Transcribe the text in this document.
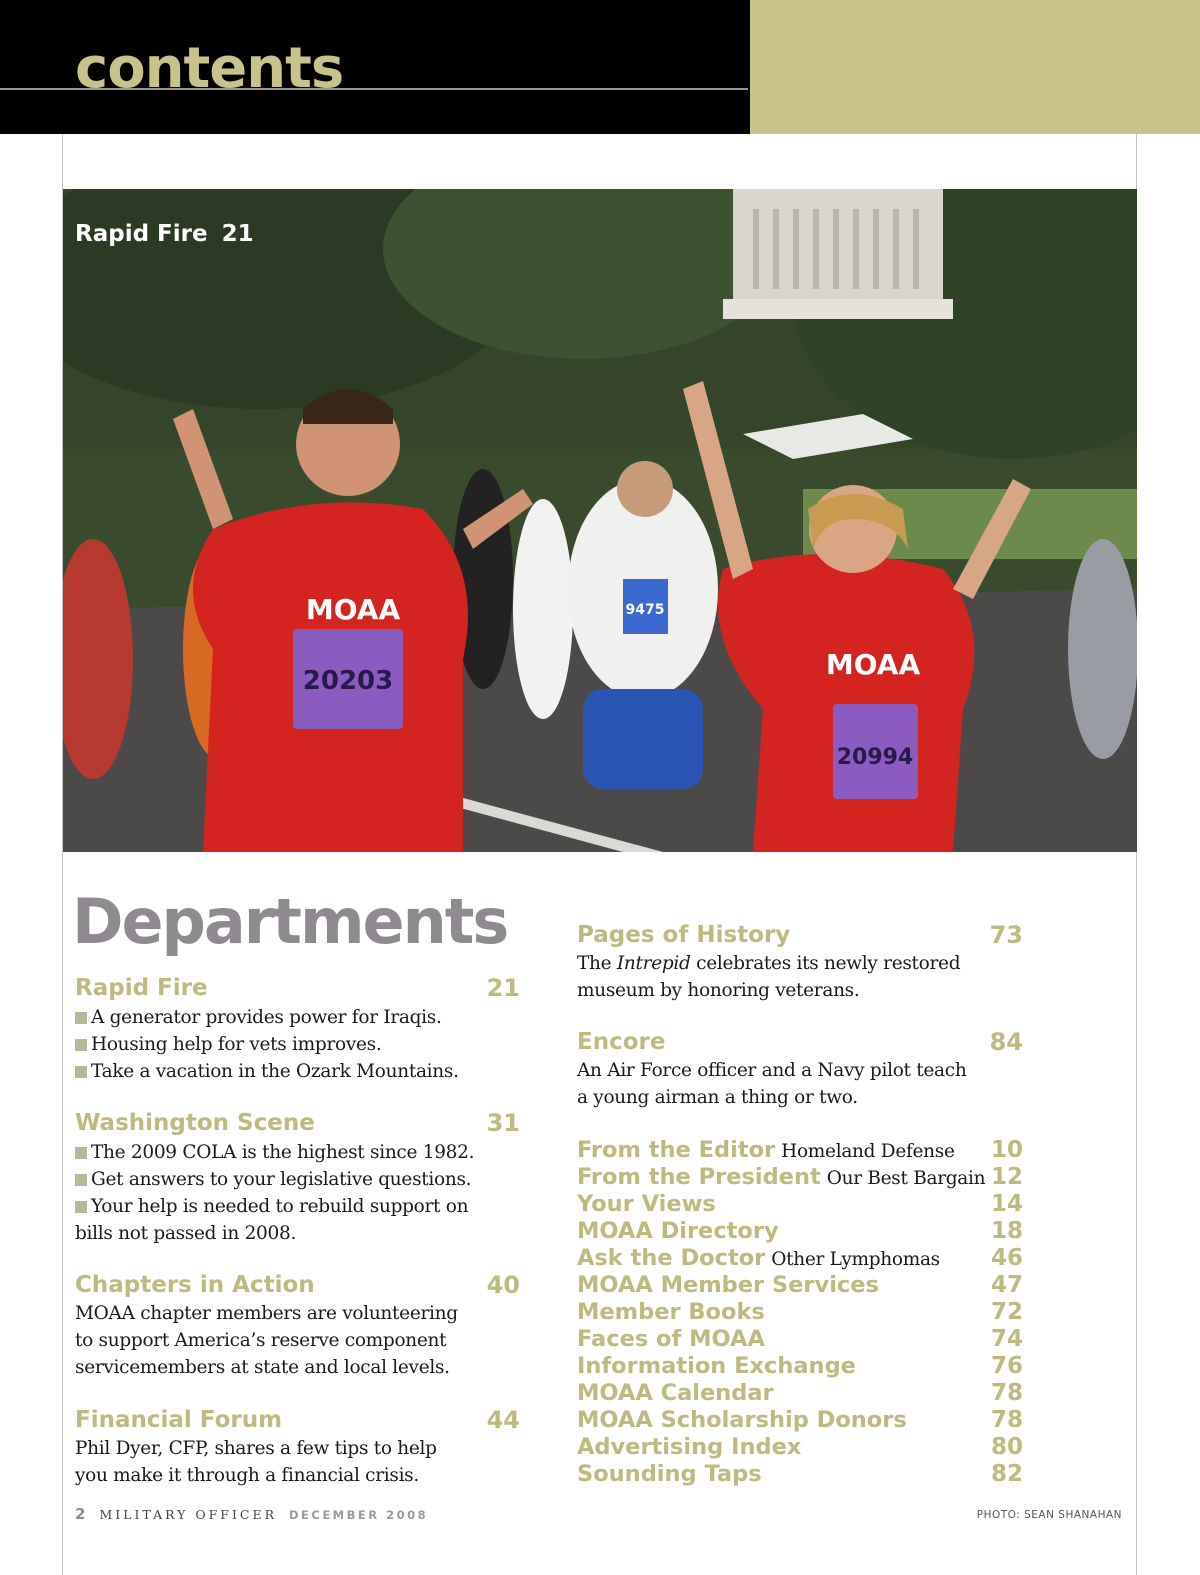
contents
9475
MOAA
20203	MOAA
20994
Rapid Fire 21
Departments
Rapid Fire	21
A generator provides power for Iraqis.
Housing help for vets improves.
Take a vacation in the Ozark Mountains.
Washington Scene	31
The 2009 COLA is the highest since 1982.
Get answers to your legislative questions.
Your help is needed to rebuild support on
bills not passed in 2008.
Chapters in Action	40
MOAA chapter members are volunteering
to support America’s reserve component
servicemembers at state and local levels.
Financial Forum	44
Phil Dyer, CFP, shares a few tips to help
you make it through a financial crisis.
Pages of History	73
The Intrepid celebrates its newly restored
museum by honoring veterans.
Encore	84
An Air Force officer and a Navy pilot teach
a young airman a thing or two.
From the Editor Homeland Defense 10
From the President Our Best Bargain 12
Your Views	14
MOAA Directory	18
Ask the Doctor Other Lymphomas 46
MOAA Member Services	47
Member Books	72
Faces of MOAA	74
Information Exchange	76
MOAA Calendar	78
MOAA Scholarship Donors	78
Advertising Index	80
Sounding Taps	82
2 MILITARY OFFICER DECEMBER 2008	PHOTO: SEAN SHANAHAN
